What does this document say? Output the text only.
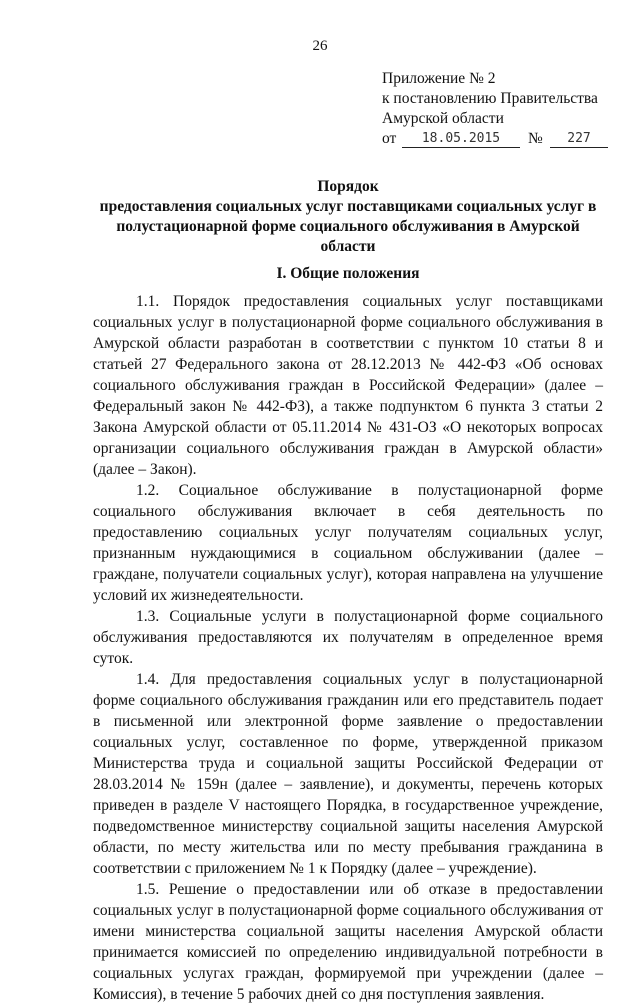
26
Приложение № 2
к постановлению Правительства
Амурской области
от	18.05.2015	№	227
Порядок
предоставления социальных услуг поставщиками социальных услуг в
полустационарной форме социального обслуживания в Амурской
области
I. Общие положения

1.1. Порядок предоставления социальных услуг поставщиками социальных услуг в полустационарной форме социального обслуживания в Амурской области разработан в соответствии с пунктом 10 статьи 8 и статьей 27 Федерального закона от 28.12.2013 № 442-ФЗ «Об основах социального обслуживания граждан в Российской Федерации» (далее – Федеральный закон № 442-ФЗ), а также подпунктом 6 пункта 3 статьи 2 Закона Амурской области от 05.11.2014 № 431-ОЗ «О некоторых вопросах организации социального обслуживания граждан в Амурской области» (далее – Закон).

1.2. Социальное обслуживание в полустационарной форме социального обслуживания включает в себя деятельность по предоставлению социальных услуг получателям социальных услуг, признанным нуждающимися в социальном обслуживании (далее – граждане, получатели социальных услуг), которая направлена на улучшение условий их жизнедеятельности.

1.3. Социальные услуги в полустационарной форме социального обслуживания предоставляются их получателям в определенное время суток.

1.4. Для предоставления социальных услуг в полустационарной форме социального обслуживания гражданин или его представитель подает в письменной или электронной форме заявление о предоставлении социальных услуг, составленное по форме, утвержденной приказом Министерства труда и социальной защиты Российской Федерации от 28.03.2014 № 159н (далее – заявление), и документы, перечень которых приведен в разделе V настоящего Порядка, в государственное учреждение, подведомственное министерству социальной защиты населения Амурской области, по месту жительства или по месту пребывания гражданина в соответствии с приложением № 1 к Порядку (далее – учреждение).

1.5. Решение о предоставлении или об отказе в предоставлении социальных услуг в полустационарной форме социального обслуживания от имени министерства социальной защиты населения Амурской области принимается комиссией по определению индивидуальной потребности в социальных услугах граждан, формируемой при учреждении (далее – Комиссия), в течение 5 рабочих дней со дня поступления заявления.
